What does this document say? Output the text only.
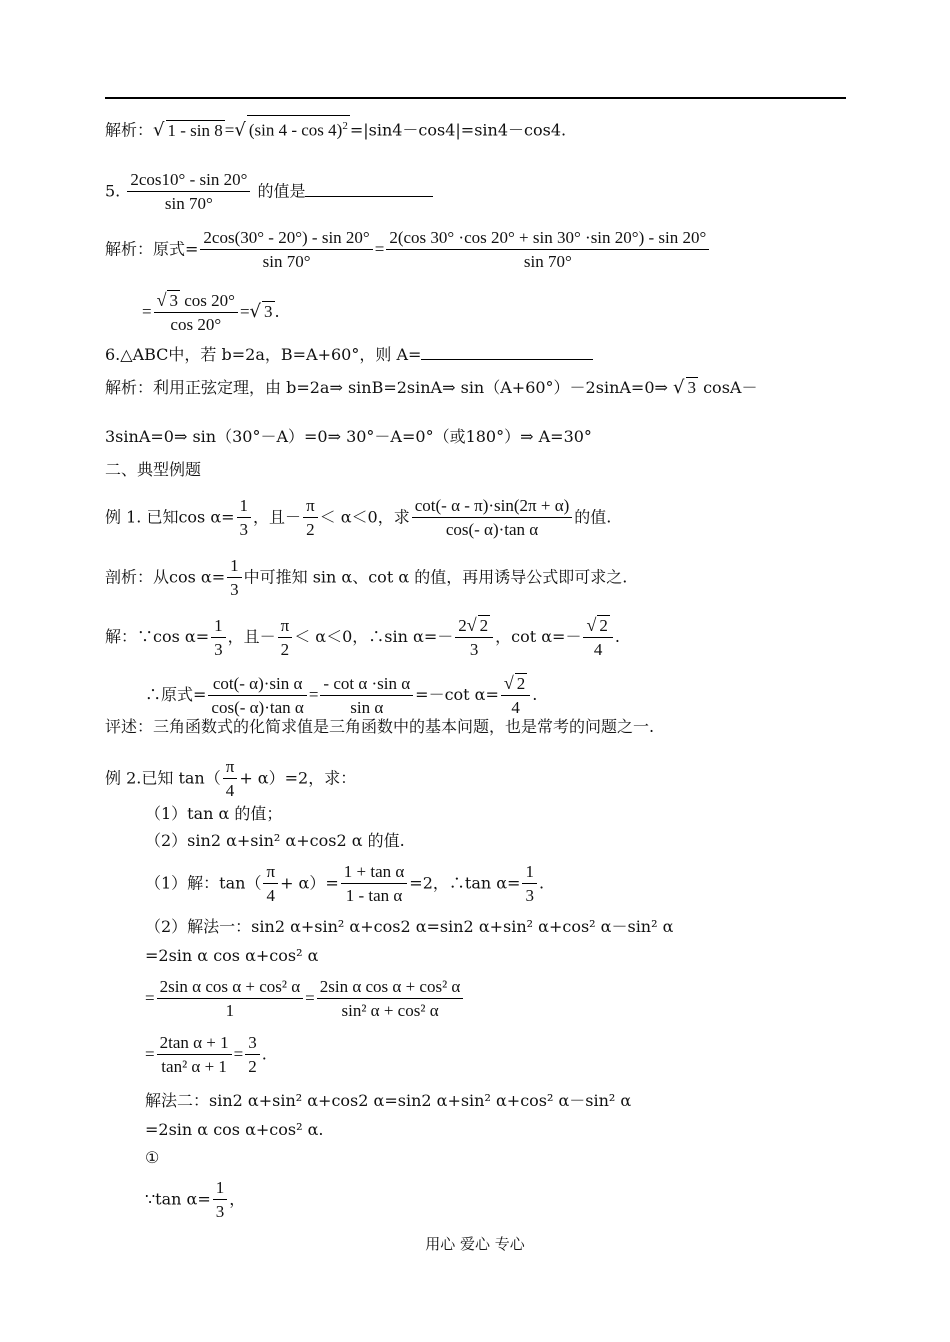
解析：√ 1 - sin 8 =√ (sin 4 - cos 4)$^2$ =|sin4－cos4|=sin4－cos4.
5. $\frac{2\cos 10^\circ - \sin 20^\circ}{\sin 70^\circ}$ 的值是
解析：原式= $\frac{2\cos(30^\circ - 20^\circ) - \sin 20^\circ}{\sin 70^\circ} = \frac{2(\cos 30^\circ \cdot\cos 20^\circ + \sin 30^\circ \cdot\sin 20^\circ) - \sin 20^\circ}{\sin 70^\circ}$
= $\frac{√ 3 \cos 20^\circ}{\cos 20^\circ}$ =√ 3 .
6.△ABC中，若 b=2a，B=A+60°，则 A=
解析：利用正弦定理，由 b=2a⇒ sinB=2sinA⇒ sin（A+60°）－2sinA=0⇒ √ 3 cosA－
3sinA=0⇒ sin（30°－A）=0⇒ 30°－A=0°（或180°）⇒ A=30°
二、典型例题
例 1. 已知$\cos \alpha= \frac{1}{3}$ ，且－ $\frac{\pi}{2} < \alpha<0$，求 $\frac{\cot(- \alpha - \pi)\cdot\sin(2\pi + \alpha)}{\text{cos(- α)·tan α}}$ 的值.
剖析：从$\cos \alpha= \frac{1}{3}$ 中可推知 sin α、cot α 的值，再用诱导公式即可求之.
解：∵cos $\alpha= \frac{1}{3}$ ，且－ $\frac{\pi}{2} < \alpha<0$，∴sin $\alpha=- \frac{2√ 2}{3}$ ，$\cot \alpha=- \frac{√ 2}{4}$ .
∴原式= $\frac{\text{cot(- α)·sin α}}{\text{cos(- α)·tan α}} = \frac{\text{- cot α ·sin α}}{\text{sin α}} =-\cot$ $\alpha= \frac{√ 2}{4}$ .
评述：三角函数式的化简求值是三角函数中的基本问题，也是常考的问题之一.
例 2.已知 $\tan( \frac{\pi}{4} + \alpha)=2$，求：
（1）tan α 的值；
（2）sin2 α+sin² α+cos2 α 的值.
（1）解：$\tan( \frac{\pi}{4} + \alpha)= \frac{\text{1 + tan α}}{\text{1 - tan α}} =2$，∴tan $\alpha= \frac{1}{3}$ .
（2）解法一：sin2 α+sin² α+cos2 α=sin2 α+sin² α+cos² α－sin² α
=2sin α cos α+cos² α
= $\frac{\text{2sin α cos α + cos² α}}{1} = \frac{\text{2sin α cos α + cos² α}}{\text{sin² α + cos² α}}$
= $\frac{\text{2tan α + 1}}{\text{tan² α + 1}} = \frac{3}{2}$ .
解法二：sin2 α+sin² α+cos2 α=sin2 α+sin² α+cos² α－sin² α
=2sin α cos α+cos² α.
①
∵tan $\alpha= \frac{1}{3}$ ，
用心 爱心 专心
